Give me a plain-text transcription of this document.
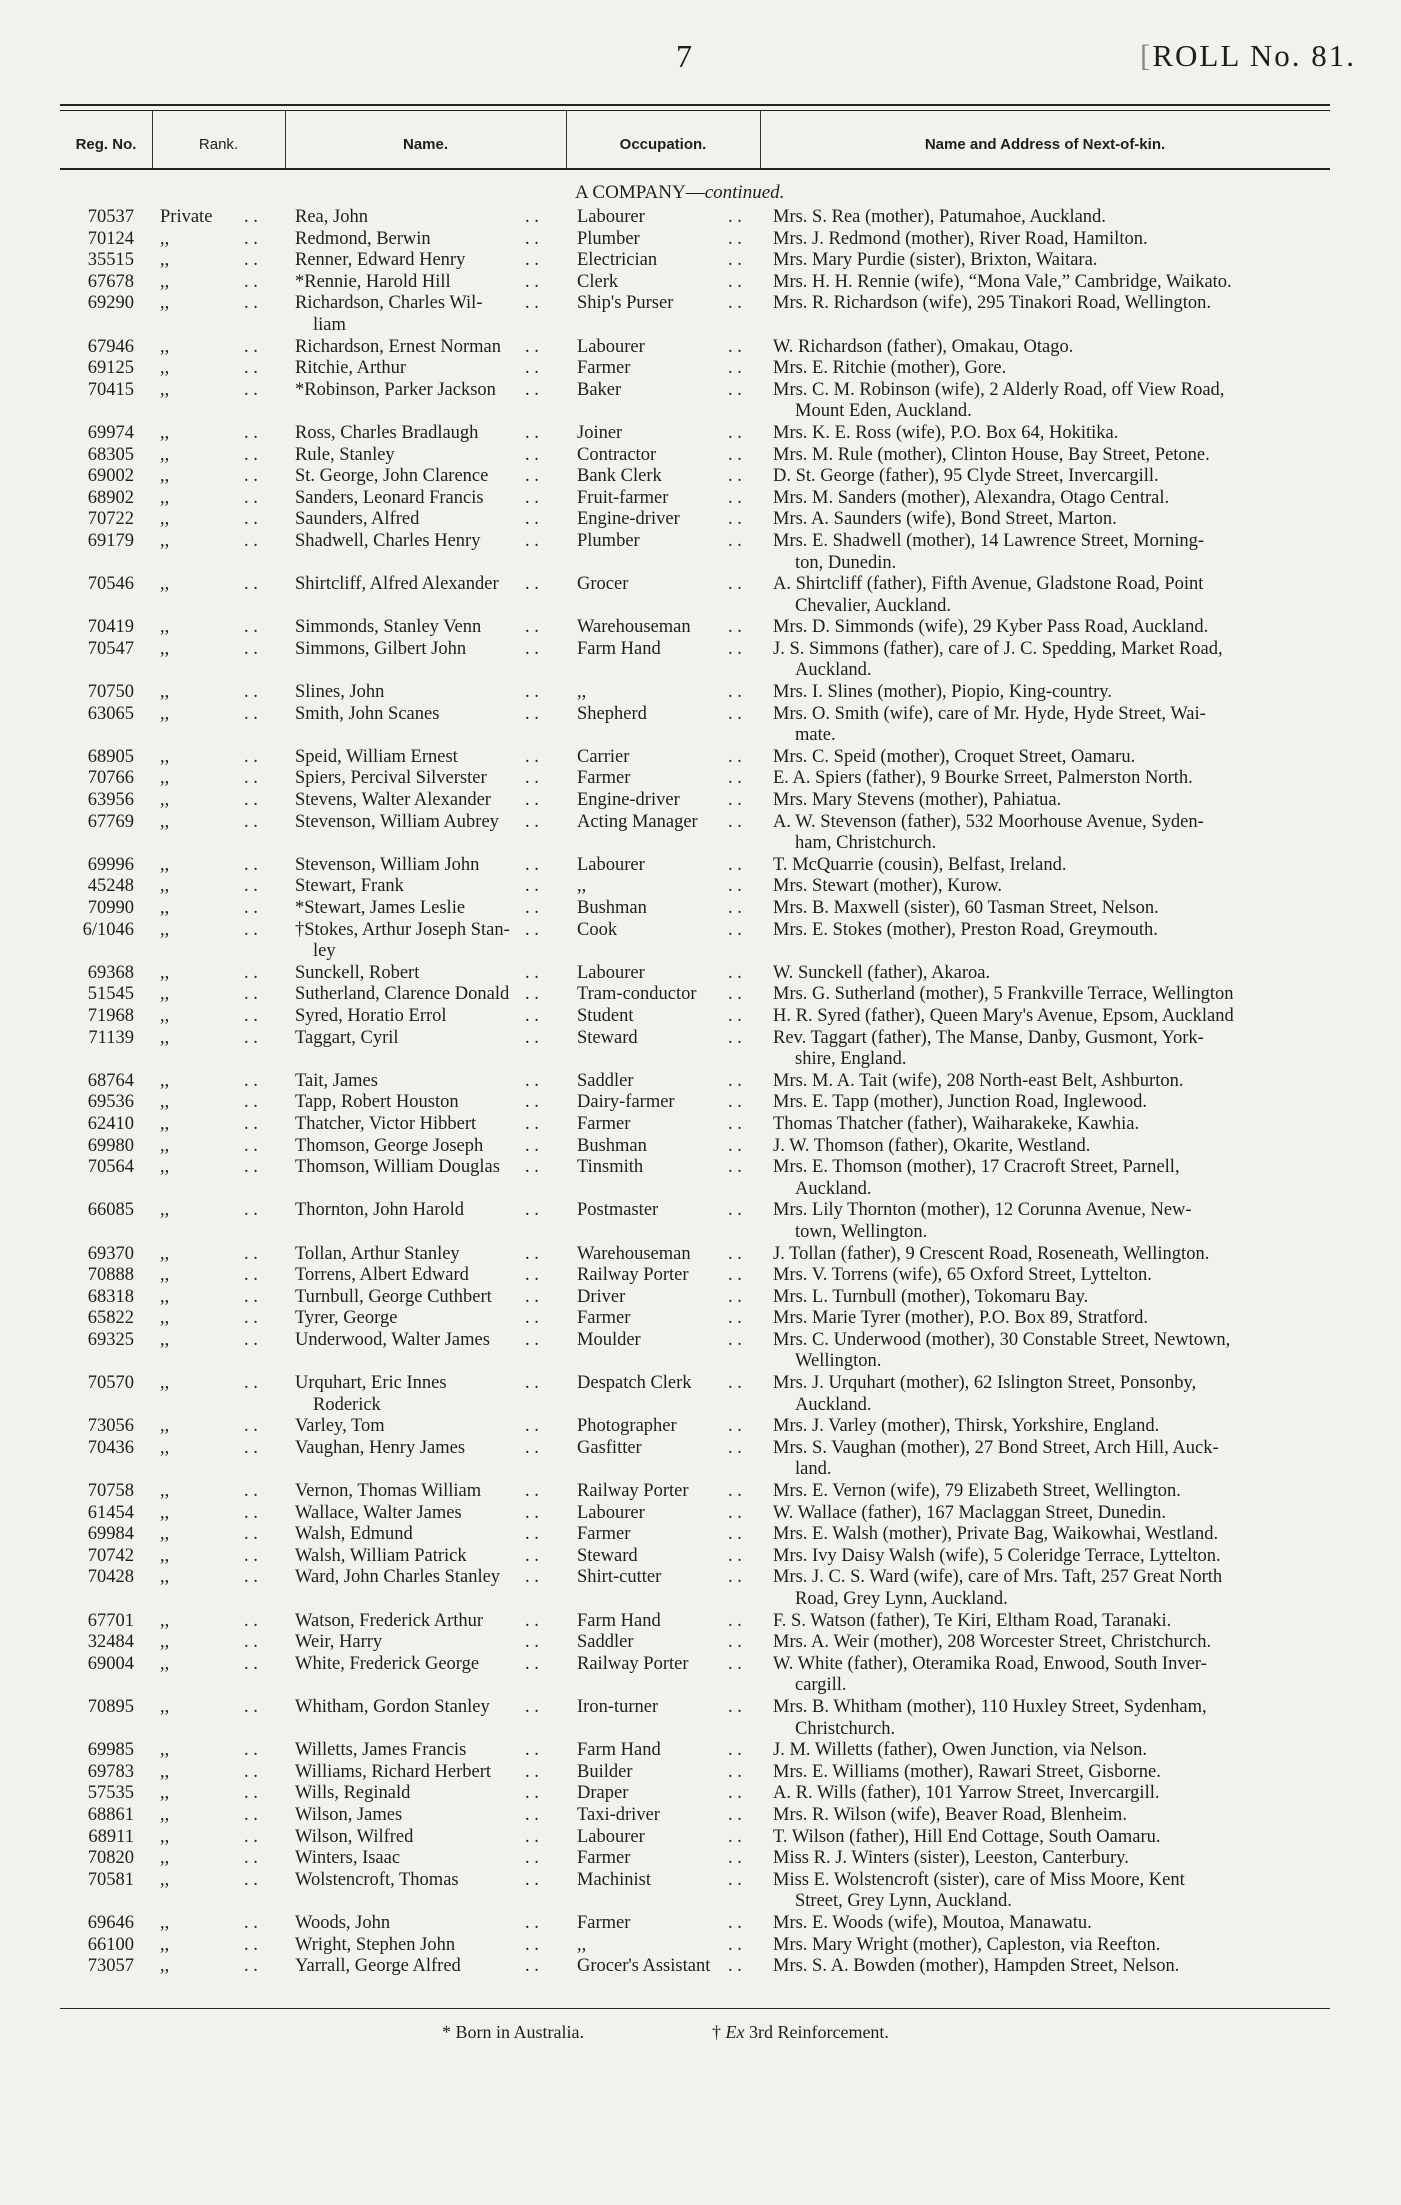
7	[ROLL No. 81.
Reg. No.	Rank.	Name.	Occupation.	Name and Address of Next-of-kin.
A COMPANY—continued.
70537 Private	Rea, John	Labourer	Mrs. S. Rea (mother), Patumahoe, Auckland.
. .	. .	. .
70124 ,,	Redmond, Berwin	Plumber	Mrs. J. Redmond (mother), River Road, Hamilton.
. .	. .	. .
35515 ,,	Renner, Edward Henry	Electrician	Mrs. Mary Purdie (sister), Brixton, Waitara.
. .	. .	. .
67678 ,,	*Rennie, Harold Hill	Clerk	Mrs. H. H. Rennie (wife), “Mona Vale,” Cambridge, Waikato.
. .	. .	. .
69290 ,,	Richardson, Charles Wil-
liam
Ship's Purser	Mrs. R. Richardson (wife), 295 Tinakori Road, Wellington.
. .	. .	. .
67946 ,,	Richardson, Ernest Norman	Labourer	W. Richardson (father), Omakau, Otago.
. .	. .	. .
69125 ,,	Ritchie, Arthur	Farmer	Mrs. E. Ritchie (mother), Gore.
. .	. .	. .
70415 ,,	*Robinson, Parker Jackson	Baker	Mrs. C. M. Robinson (wife), 2 Alderly Road, off View Road,
Mount Eden, Auckland.
. .	. .	. .
69974 ,,	Ross, Charles Bradlaugh	Joiner	Mrs. K. E. Ross (wife), P.O. Box 64, Hokitika.
. .	. .	. .
68305 ,,	Rule, Stanley	Contractor	Mrs. M. Rule (mother), Clinton House, Bay Street, Petone.
. .	. .	. .
69002 ,,	St. George, John Clarence	Bank Clerk	D. St. George (father), 95 Clyde Street, Invercargill.
. .	. .	. .
68902 ,,	Sanders, Leonard Francis	Fruit-farmer	Mrs. M. Sanders (mother), Alexandra, Otago Central.
. .	. .	. .
70722 ,,	Saunders, Alfred	Engine-driver	Mrs. A. Saunders (wife), Bond Street, Marton.
. .	. .	. .
69179 ,,	Shadwell, Charles Henry	Plumber	Mrs. E. Shadwell (mother), 14 Lawrence Street, Morning-
ton, Dunedin.
. .	. .	. .
70546 ,,	Shirtcliff, Alfred Alexander	Grocer	A. Shirtcliff (father), Fifth Avenue, Gladstone Road, Point
Chevalier, Auckland.
. .	. .	. .
70419 ,,	Simmonds, Stanley Venn	Warehouseman	Mrs. D. Simmonds (wife), 29 Kyber Pass Road, Auckland.
. .	. .	. .
70547 ,,	Simmons, Gilbert John	Farm Hand	J. S. Simmons (father), care of J. C. Spedding, Market Road,
Auckland.
. .	. .	. .
70750 ,,	Slines, John	,,	Mrs. I. Slines (mother), Piopio, King-country.
. .	. .	. .
63065 ,,	Smith, John Scanes	Shepherd	Mrs. O. Smith (wife), care of Mr. Hyde, Hyde Street, Wai-
mate.
. .	. .	. .
68905 ,,	Speid, William Ernest	Carrier	Mrs. C. Speid (mother), Croquet Street, Oamaru.
. .	. .	. .
70766 ,,	Spiers, Percival Silverster	Farmer	E. A. Spiers (father), 9 Bourke Srreet, Palmerston North.
. .	. .	. .
63956 ,,	Stevens, Walter Alexander	Engine-driver	Mrs. Mary Stevens (mother), Pahiatua.
. .	. .	. .
67769 ,,	Stevenson, William Aubrey	Acting Manager	A. W. Stevenson (father), 532 Moorhouse Avenue, Syden-
ham, Christchurch.
. .	. .	. .
69996 ,,	Stevenson, William John	Labourer	T. McQuarrie (cousin), Belfast, Ireland.
. .	. .	. .
45248 ,,	Stewart, Frank	,,	Mrs. Stewart (mother), Kurow.
. .	. .	. .
70990 ,,	*Stewart, James Leslie	Bushman	Mrs. B. Maxwell (sister), 60 Tasman Street, Nelson.
. .	. .	. .
6/1046 ,,	†Stokes, Arthur Joseph Stan-
ley
Cook	Mrs. E. Stokes (mother), Preston Road, Greymouth.
. .	. .	. .
69368 ,,	Sunckell, Robert	Labourer	W. Sunckell (father), Akaroa.
. .	. .	. .
51545 ,,	Sutherland, Clarence Donald	Tram-conductor	Mrs. G. Sutherland (mother), 5 Frankville Terrace, Wellington
. .	. .	. .
71968 ,,	Syred, Horatio Errol	Student	H. R. Syred (father), Queen Mary's Avenue, Epsom, Auckland
. .	. .	. .
71139 ,,	Taggart, Cyril	Steward	Rev. Taggart (father), The Manse, Danby, Gusmont, York-
shire, England.
. .	. .	. .
68764 ,,	Tait, James	Saddler	Mrs. M. A. Tait (wife), 208 North-east Belt, Ashburton.
. .	. .	. .
69536 ,,	Tapp, Robert Houston	Dairy-farmer	Mrs. E. Tapp (mother), Junction Road, Inglewood.
. .	. .	. .
62410 ,,	Thatcher, Victor Hibbert	Farmer	Thomas Thatcher (father), Waiharakeke, Kawhia.
. .	. .	. .
69980 ,,	Thomson, George Joseph	Bushman	J. W. Thomson (father), Okarite, Westland.
. .	. .	. .
70564 ,,	Thomson, William Douglas	Tinsmith	Mrs. E. Thomson (mother), 17 Cracroft Street, Parnell,
Auckland.
. .	. .	. .
66085 ,,	Thornton, John Harold	Postmaster	Mrs. Lily Thornton (mother), 12 Corunna Avenue, New-
town, Wellington.
. .	. .	. .
69370 ,,	Tollan, Arthur Stanley	Warehouseman	J. Tollan (father), 9 Crescent Road, Roseneath, Wellington.
. .	. .	. .
70888 ,,	Torrens, Albert Edward	Railway Porter	Mrs. V. Torrens (wife), 65 Oxford Street, Lyttelton.
. .	. .	. .
68318 ,,	Turnbull, George Cuthbert	Driver	Mrs. L. Turnbull (mother), Tokomaru Bay.
. .	. .	. .
65822 ,,	Tyrer, George	Farmer	Mrs. Marie Tyrer (mother), P.O. Box 89, Stratford.
. .	. .	. .
69325 ,,	Underwood, Walter James	Moulder	Mrs. C. Underwood (mother), 30 Constable Street, Newtown,
Wellington.
. .	. .	. .
70570 ,,	Urquhart, Eric Innes
Roderick
Despatch Clerk	Mrs. J. Urquhart (mother), 62 Islington Street, Ponsonby,
Auckland.
. .	. .	. .
73056 ,,	Varley, Tom	Photographer	Mrs. J. Varley (mother), Thirsk, Yorkshire, England.
. .	. .	. .
70436 ,,	Vaughan, Henry James	Gasfitter	Mrs. S. Vaughan (mother), 27 Bond Street, Arch Hill, Auck-
land.
. .	. .	. .
70758 ,,	Vernon, Thomas William	Railway Porter	Mrs. E. Vernon (wife), 79 Elizabeth Street, Wellington.
. .	. .	. .
61454 ,,	Wallace, Walter James	Labourer	W. Wallace (father), 167 Maclaggan Street, Dunedin.
. .	. .	. .
69984 ,,	Walsh, Edmund	Farmer	Mrs. E. Walsh (mother), Private Bag, Waikowhai, Westland.
. .	. .	. .
70742 ,,	Walsh, William Patrick	Steward	Mrs. Ivy Daisy Walsh (wife), 5 Coleridge Terrace, Lyttelton.
. .	. .	. .
70428 ,,	Ward, John Charles Stanley	Shirt-cutter	Mrs. J. C. S. Ward (wife), care of Mrs. Taft, 257 Great North
Road, Grey Lynn, Auckland.
. .	. .	. .
67701 ,,	Watson, Frederick Arthur	Farm Hand	F. S. Watson (father), Te Kiri, Eltham Road, Taranaki.
. .	. .	. .
32484 ,,	Weir, Harry	Saddler	Mrs. A. Weir (mother), 208 Worcester Street, Christchurch.
. .	. .	. .
69004 ,,	White, Frederick George	Railway Porter	W. White (father), Oteramika Road, Enwood, South Inver-
cargill.
. .	. .	. .
70895 ,,	Whitham, Gordon Stanley	Iron-turner	Mrs. B. Whitham (mother), 110 Huxley Street, Sydenham,
Christchurch.
. .	. .	. .
69985 ,,	Willetts, James Francis	Farm Hand	J. M. Willetts (father), Owen Junction, via Nelson.
. .	. .	. .
69783 ,,	Williams, Richard Herbert	Builder	Mrs. E. Williams (mother), Rawari Street, Gisborne.
. .	. .	. .
57535 ,,	Wills, Reginald	Draper	A. R. Wills (father), 101 Yarrow Street, Invercargill.
. .	. .	. .
68861 ,,	Wilson, James	Taxi-driver	Mrs. R. Wilson (wife), Beaver Road, Blenheim.
. .	. .	. .
68911 ,,	Wilson, Wilfred	Labourer	T. Wilson (father), Hill End Cottage, South Oamaru.
. .	. .	. .
70820 ,,	Winters, Isaac	Farmer	Miss R. J. Winters (sister), Leeston, Canterbury.
. .	. .	. .
70581 ,,	Wolstencroft, Thomas	Machinist	Miss E. Wolstencroft (sister), care of Miss Moore, Kent
Street, Grey Lynn, Auckland.
. .	. .	. .
69646 ,,	Woods, John	Farmer	Mrs. E. Woods (wife), Moutoa, Manawatu.
. .	. .	. .
66100 ,,	Wright, Stephen John	,,	Mrs. Mary Wright (mother), Capleston, via Reefton.
. .	. .	. .
73057 ,,	Yarrall, George Alfred	Grocer's Assistant	Mrs. S. A. Bowden (mother), Hampden Street, Nelson.
. .	. .	. .
* Born in Australia.	† Ex 3rd Reinforcement.
